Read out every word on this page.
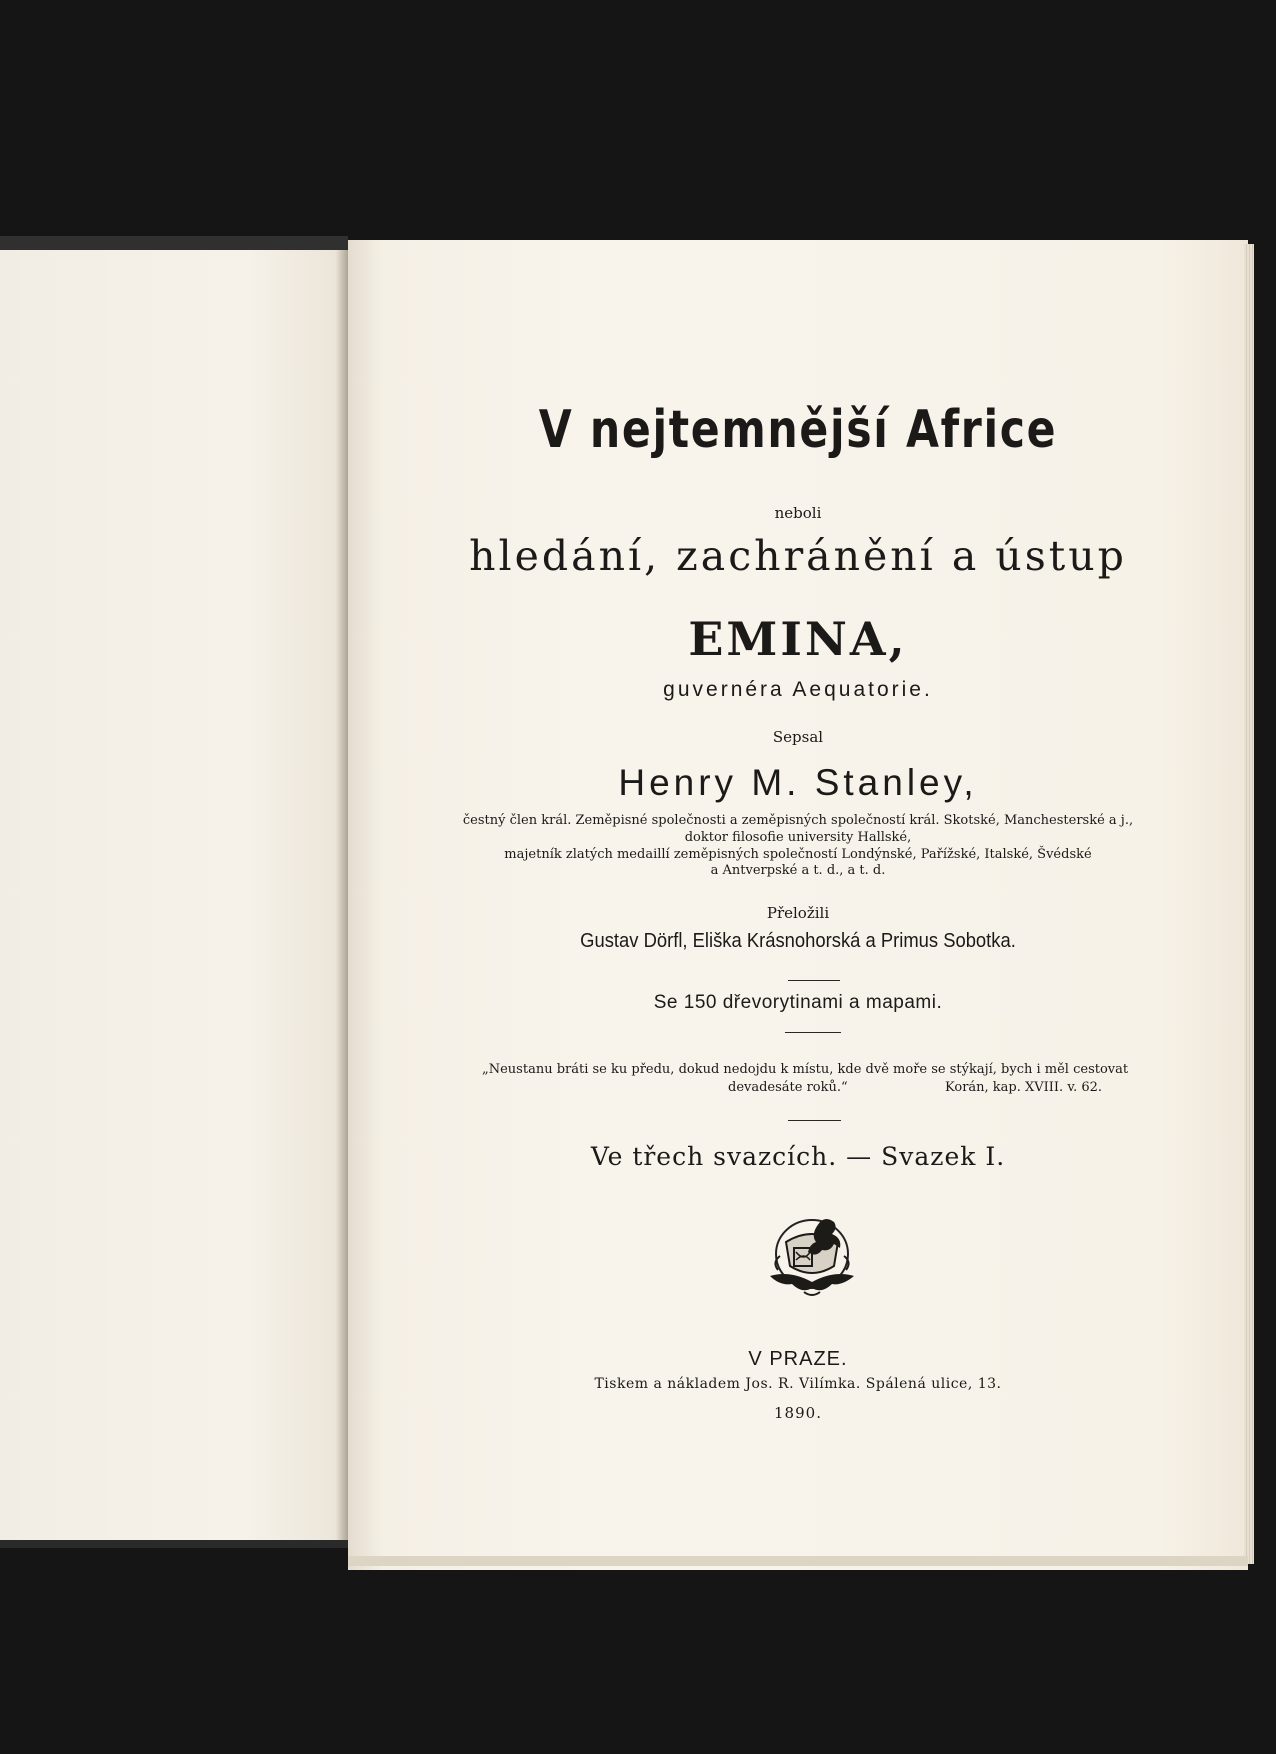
V nejtemnější Africe

neboli

hledání, zachránění a ústup

EMINA,

guvernéra Aequatorie.

Sepsal

Henry M. Stanley,

čestný člen král. Zeměpisné společnosti a zeměpisných společností král. Skotské, Manchesterské a j.,

doktor filosofie university Hallské,

majetník zlatých medaillí zeměpisných společností Londýnské, Pařížské, Italské, Švédské

a Antverpské a t. d., a t. d.

Přeložili

Gustav Dörfl, Eliška Krásnohorská a Primus Sobotka.

Se 150 dřevorytinami a mapami.

„Neustanu bráti se ku předu, dokud nedojdu k místu, kde dvě moře se stýkají, bych i měl cestovat

devadesáte roků.“	Korán, kap. XVIII. v. 62.

Ve třech svazcích. — Svazek I.

V PRAZE.

Tiskem a nákladem Jos. R. Vilímka. Spálená ulice, 13.

1890.
